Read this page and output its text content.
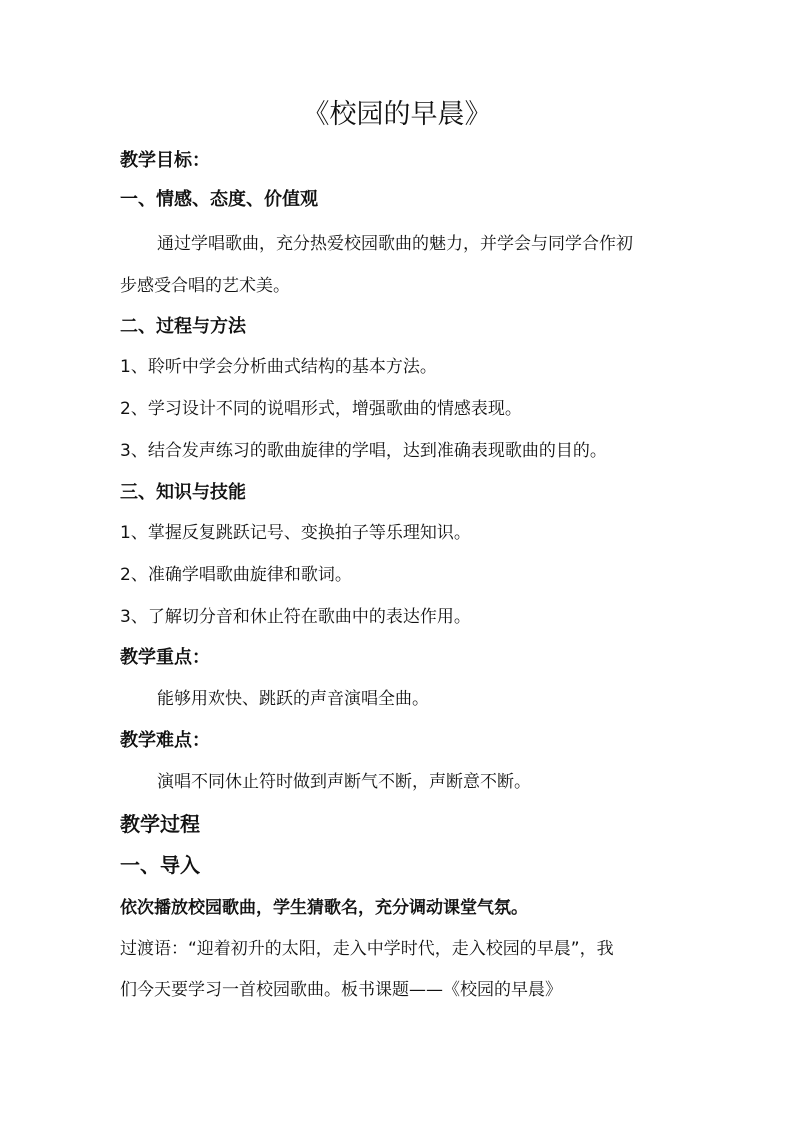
《校园的早晨》
教学目标：
一、情感、态度、价值观
通过学唱歌曲，充分热爱校园歌曲的魅力，并学会与同学合作初
步感受合唱的艺术美。
二、过程与方法
1、聆听中学会分析曲式结构的基本方法。
2、学习设计不同的说唱形式，增强歌曲的情感表现。
3、结合发声练习的歌曲旋律的学唱，达到准确表现歌曲的目的。
三、知识与技能
1、掌握反复跳跃记号、变换拍子等乐理知识。
2、准确学唱歌曲旋律和歌词。
3、了解切分音和休止符在歌曲中的表达作用。
教学重点：
能够用欢快、跳跃的声音演唱全曲。
教学难点：
演唱不同休止符时做到声断气不断，声断意不断。
教学过程
一、导入
依次播放校园歌曲，学生猜歌名，充分调动课堂气氛。
过渡语：“迎着初升的太阳，走入中学时代，走入校园的早晨”，我
们今天要学习一首校园歌曲。板书课题——《校园的早晨》
